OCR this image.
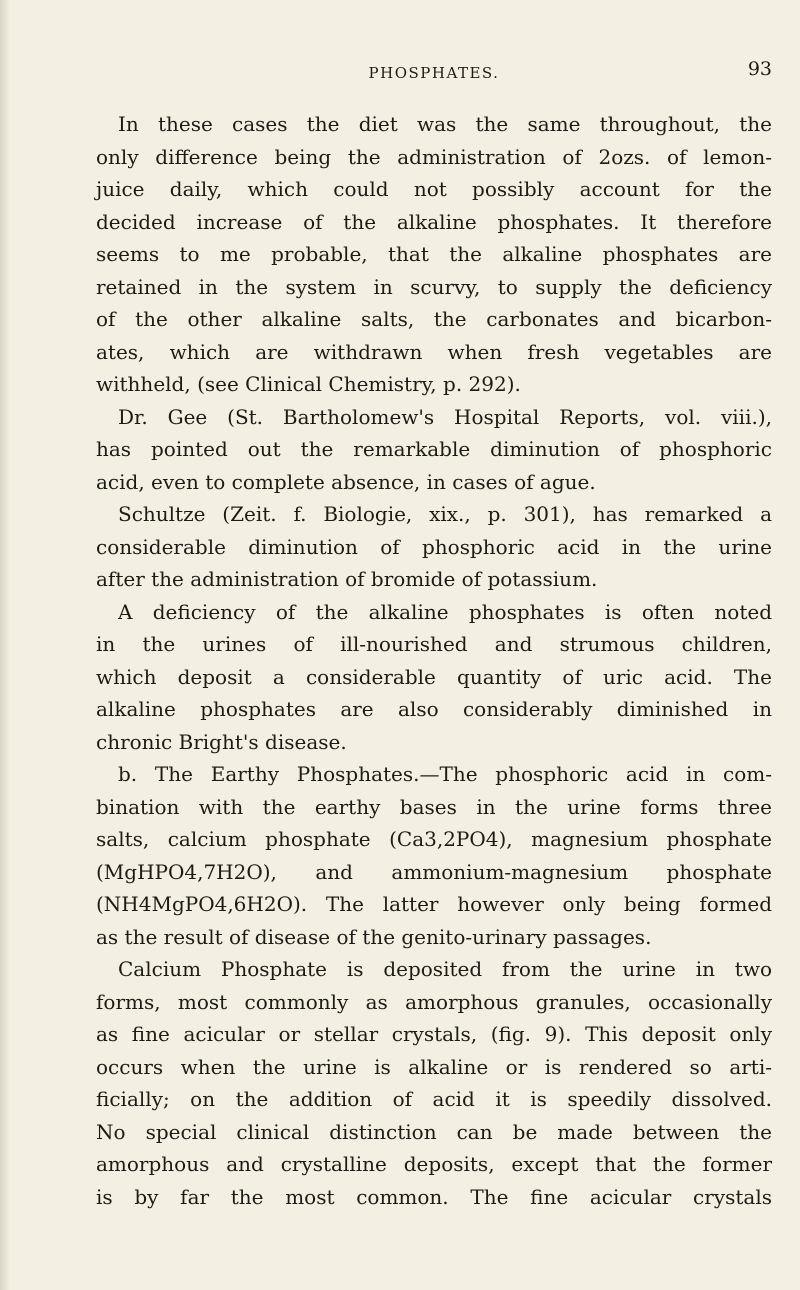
PHOSPHATES.	93
In these cases the diet was the same throughout, the
only difference being the administration of 2ozs. of lemon-
juice daily, which could not possibly account for the
decided increase of the alkaline phosphates. It therefore
seems to me probable, that the alkaline phosphates are
retained in the system in scurvy, to supply the deficiency
of the other alkaline salts, the carbonates and bicarbon-
ates, which are withdrawn when fresh vegetables are
withheld, (see Clinical Chemistry, p. 292).
Dr. Gee (St. Bartholomew's Hospital Reports, vol. viii.),
has pointed out the remarkable diminution of phosphoric
acid, even to complete absence, in cases of ague.
Schultze (Zeit. f. Biologie, xix., p. 301), has remarked a
considerable diminution of phosphoric acid in the urine
after the administration of bromide of potassium.
A deficiency of the alkaline phosphates is often noted
in the urines of ill-nourished and strumous children,
which deposit a considerable quantity of uric acid. The
alkaline phosphates are also considerably diminished in
chronic Bright's disease.
b. The Earthy Phosphates.—The phosphoric acid in com-
bination with the earthy bases in the urine forms three
salts, calcium phosphate (Ca3,2PO4), magnesium phosphate
(MgHPO4,7H2O), and ammonium-magnesium phosphate
(NH4MgPO4,6H2O). The latter however only being formed
as the result of disease of the genito-urinary passages.
Calcium Phosphate is deposited from the urine in two
forms, most commonly as amorphous granules, occasionally
as fine acicular or stellar crystals, (fig. 9). This deposit only
occurs when the urine is alkaline or is rendered so arti-
ficially; on the addition of acid it is speedily dissolved.
No special clinical distinction can be made between the
amorphous and crystalline deposits, except that the former
is by far the most common. The fine acicular crystals
